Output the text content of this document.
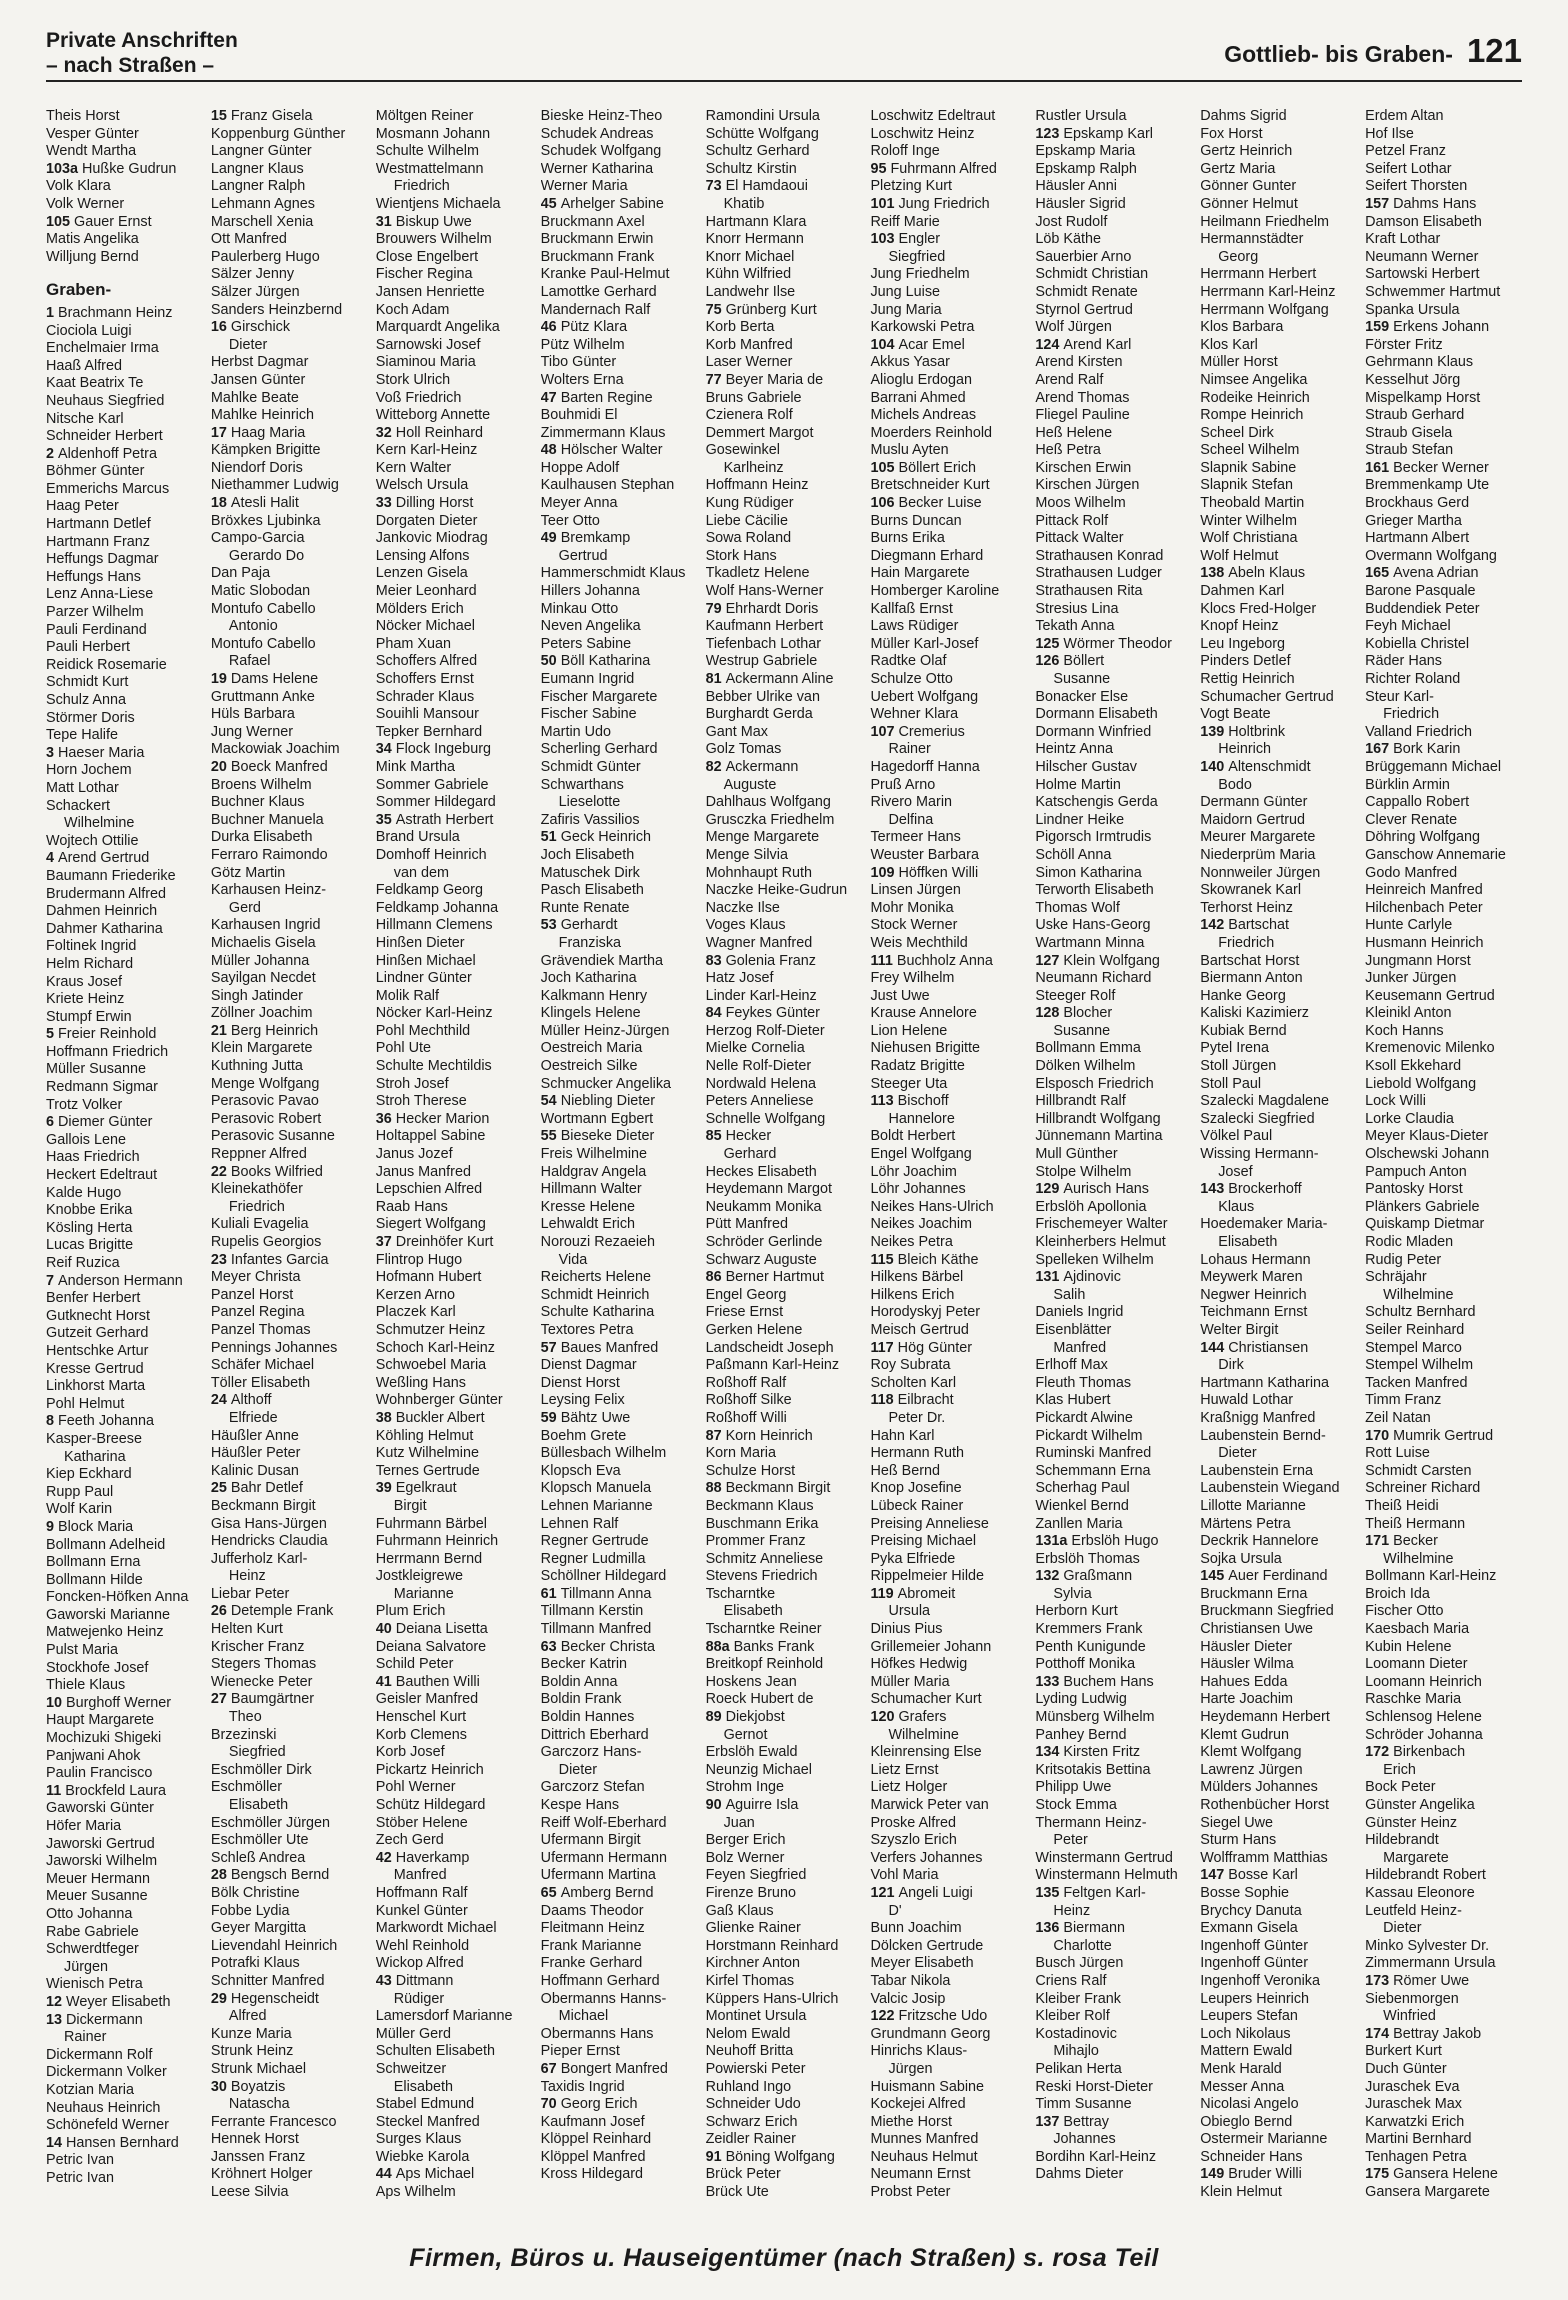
Private Anschriften
– nach Straßen –	Gottlieb- bis Graben- 121
Theis Horst
Vesper Günter
Wendt Martha
103a Hußke Gudrun
Volk Klara
Volk Werner
105 Gauer Ernst
Matis Angelika
Willjung Bernd
Graben-
1 Brachmann Heinz
Ciociola Luigi
Enchelmaier Irma
Haaß Alfred
Kaat Beatrix Te
Neuhaus Siegfried
Nitsche Karl
Schneider Herbert
2 Aldenhoff Petra
Böhmer Günter
Emmerichs Marcus
Haag Peter
Hartmann Detlef
Hartmann Franz
Heffungs Dagmar
Heffungs Hans
Lenz Anna-Liese
Parzer Wilhelm
Pauli Ferdinand
Pauli Herbert
Reidick Rosemarie
Schmidt Kurt
Schulz Anna
Störmer Doris
Tepe Halife
3 Haeser Maria
Horn Jochem
Matt Lothar
Schackert
Wilhelmine
Wojtech Ottilie
4 Arend Gertrud
Baumann Friederike
Brudermann Alfred
Dahmen Heinrich
Dahmer Katharina
Foltinek Ingrid
Helm Richard
Kraus Josef
Kriete Heinz
Stumpf Erwin
5 Freier Reinhold
Hoffmann Friedrich
Müller Susanne
Redmann Sigmar
Trotz Volker
6 Diemer Günter
Gallois Lene
Haas Friedrich
Heckert Edeltraut
Kalde Hugo
Knobbe Erika
Kösling Herta
Lucas Brigitte
Reif Ruzica
7 Anderson Hermann
Benfer Herbert
Gutknecht Horst
Gutzeit Gerhard
Hentschke Artur
Kresse Gertrud
Linkhorst Marta
Pohl Helmut
8 Feeth Johanna
Kasper-Breese
Katharina
Kiep Eckhard
Rupp Paul
Wolf Karin
9 Block Maria
Bollmann Adelheid
Bollmann Erna
Bollmann Hilde
Foncken-Höfken Anna
Gaworski Marianne
Matwejenko Heinz
Pulst Maria
Stockhofe Josef
Thiele Klaus
10 Burghoff Werner
Haupt Margarete
Mochizuki Shigeki
Panjwani Ahok
Paulin Francisco
11 Brockfeld Laura
Gaworski Günter
Höfer Maria
Jaworski Gertrud
Jaworski Wilhelm
Meuer Hermann
Meuer Susanne
Otto Johanna
Rabe Gabriele
Schwerdtfeger
Jürgen
Wienisch Petra
12 Weyer Elisabeth
13 Dickermann
Rainer
Dickermann Rolf
Dickermann Volker
Kotzian Maria
Neuhaus Heinrich
Schönefeld Werner
14 Hansen Bernhard
Petric Ivan
Petric Ivan
15 Franz Gisela
Koppenburg Günther
Langner Günter
Langner Klaus
Langner Ralph
Lehmann Agnes
Marschell Xenia
Ott Manfred
Paulerberg Hugo
Sälzer Jenny
Sälzer Jürgen
Sanders Heinzbernd
16 Girschick
Dieter
Herbst Dagmar
Jansen Günter
Mahlke Beate
Mahlke Heinrich
17 Haag Maria
Kämpken Brigitte
Niendorf Doris
Niethammer Ludwig
18 Atesli Halit
Bröxkes Ljubinka
Campo-Garcia
Gerardo Do
Dan Paja
Matic Slobodan
Montufo Cabello
Antonio
Montufo Cabello
Rafael
19 Dams Helene
Gruttmann Anke
Hüls Barbara
Jung Werner
Mackowiak Joachim
20 Boeck Manfred
Broens Wilhelm
Buchner Klaus
Buchner Manuela
Durka Elisabeth
Ferraro Raimondo
Götz Martin
Karhausen Heinz-
Gerd
Karhausen Ingrid
Michaelis Gisela
Müller Johanna
Sayilgan Necdet
Singh Jatinder
Zöllner Joachim
21 Berg Heinrich
Klein Margarete
Kuthning Jutta
Menge Wolfgang
Perasovic Pavao
Perasovic Robert
Perasovic Susanne
Reppner Alfred
22 Books Wilfried
Kleinekathöfer
Friedrich
Kuliali Evagelia
Rupelis Georgios
23 Infantes Garcia
Meyer Christa
Panzel Horst
Panzel Regina
Panzel Thomas
Pennings Johannes
Schäfer Michael
Töller Elisabeth
24 Althoff
Elfriede
Häußler Anne
Häußler Peter
Kalinic Dusan
25 Bahr Detlef
Beckmann Birgit
Gisa Hans-Jürgen
Hendricks Claudia
Jufferholz Karl-
Heinz
Liebar Peter
26 Detemple Frank
Helten Kurt
Krischer Franz
Stegers Thomas
Wienecke Peter
27 Baumgärtner
Theo
Brzezinski
Siegfried
Eschmöller Dirk
Eschmöller
Elisabeth
Eschmöller Jürgen
Eschmöller Ute
Schleß Andrea
28 Bengsch Bernd
Bölk Christine
Fobbe Lydia
Geyer Margitta
Lievendahl Heinrich
Potrafki Klaus
Schnitter Manfred
29 Hegenscheidt
Alfred
Kunze Maria
Strunk Heinz
Strunk Michael
30 Boyatzis
Natascha
Ferrante Francesco
Hennek Horst
Janssen Franz
Kröhnert Holger
Leese Silvia
Möltgen Reiner
Mosmann Johann
Schulte Wilhelm
Westmattelmann
Friedrich
Wientjens Michaela
31 Biskup Uwe
Brouwers Wilhelm
Close Engelbert
Fischer Regina
Jansen Henriette
Koch Adam
Marquardt Angelika
Sarnowski Josef
Siaminou Maria
Stork Ulrich
Voß Friedrich
Witteborg Annette
32 Holl Reinhard
Kern Karl-Heinz
Kern Walter
Welsch Ursula
33 Dilling Horst
Dorgaten Dieter
Jankovic Miodrag
Lensing Alfons
Lenzen Gisela
Meier Leonhard
Mölders Erich
Nöcker Michael
Pham Xuan
Schoffers Alfred
Schoffers Ernst
Schrader Klaus
Souihli Mansour
Tepker Bernhard
34 Flock Ingeburg
Mink Martha
Sommer Gabriele
Sommer Hildegard
35 Astrath Herbert
Brand Ursula
Domhoff Heinrich
van dem
Feldkamp Georg
Feldkamp Johanna
Hillmann Clemens
Hinßen Dieter
Hinßen Michael
Lindner Günter
Molik Ralf
Nöcker Karl-Heinz
Pohl Mechthild
Pohl Ute
Schulte Mechtildis
Stroh Josef
Stroh Therese
36 Hecker Marion
Holtappel Sabine
Janus Jozef
Janus Manfred
Lepschien Alfred
Raab Hans
Siegert Wolfgang
37 Dreinhöfer Kurt
Flintrop Hugo
Hofmann Hubert
Kerzen Arno
Placzek Karl
Schmutzer Heinz
Schoch Karl-Heinz
Schwoebel Maria
Weßling Hans
Wohnberger Günter
38 Buckler Albert
Köhling Helmut
Kutz Wilhelmine
Ternes Gertrude
39 Egelkraut
Birgit
Fuhrmann Bärbel
Fuhrmann Heinrich
Herrmann Bernd
Jostkleigrewe
Marianne
Plum Erich
40 Deiana Lisetta
Deiana Salvatore
Schild Peter
41 Bauthen Willi
Geisler Manfred
Henschel Kurt
Korb Clemens
Korb Josef
Pickartz Heinrich
Pohl Werner
Schütz Hildegard
Stöber Helene
Zech Gerd
42 Haverkamp
Manfred
Hoffmann Ralf
Kunkel Günter
Markwordt Michael
Wehl Reinhold
Wickop Alfred
43 Dittmann
Rüdiger
Lamersdorf Marianne
Müller Gerd
Schulten Elisabeth
Schweitzer
Elisabeth
Stabel Edmund
Steckel Manfred
Surges Klaus
Wiebke Karola
44 Aps Michael
Aps Wilhelm
Bieske Heinz-Theo
Schudek Andreas
Schudek Wolfgang
Werner Katharina
Werner Maria
45 Arhelger Sabine
Bruckmann Axel
Bruckmann Erwin
Bruckmann Frank
Kranke Paul-Helmut
Lamottke Gerhard
Mandernach Ralf
46 Pütz Klara
Pütz Wilhelm
Tibo Günter
Wolters Erna
47 Barten Regine
Bouhmidi El
Zimmermann Klaus
48 Hölscher Walter
Hoppe Adolf
Kaulhausen Stephan
Meyer Anna
Teer Otto
49 Bremkamp
Gertrud
Hammerschmidt Klaus
Hillers Johanna
Minkau Otto
Neven Angelika
Peters Sabine
50 Böll Katharina
Eumann Ingrid
Fischer Margarete
Fischer Sabine
Martin Udo
Scherling Gerhard
Schmidt Günter
Schwarthans
Lieselotte
Zafiris Vassilios
51 Geck Heinrich
Joch Elisabeth
Matuschek Dirk
Pasch Elisabeth
Runte Renate
53 Gerhardt
Franziska
Grävendiek Martha
Joch Katharina
Kalkmann Henry
Klingels Helene
Müller Heinz-Jürgen
Oestreich Maria
Oestreich Silke
Schmucker Angelika
54 Niebling Dieter
Wortmann Egbert
55 Bieseke Dieter
Freis Wilhelmine
Haldgrav Angela
Hillmann Walter
Kresse Helene
Lehwaldt Erich
Norouzi Rezaeieh
Vida
Reicherts Helene
Schmidt Heinrich
Schulte Katharina
Textores Petra
57 Baues Manfred
Dienst Dagmar
Dienst Horst
Leysing Felix
59 Bähtz Uwe
Boehm Grete
Büllesbach Wilhelm
Klopsch Eva
Klopsch Manuela
Lehnen Marianne
Lehnen Ralf
Regner Gertrude
Regner Ludmilla
Schöllner Hildegard
61 Tillmann Anna
Tillmann Kerstin
Tillmann Manfred
63 Becker Christa
Becker Katrin
Boldin Anna
Boldin Frank
Boldin Hannes
Dittrich Eberhard
Garczorz Hans-
Dieter
Garczorz Stefan
Kespe Hans
Reiff Wolf-Eberhard
Ufermann Birgit
Ufermann Hermann
Ufermann Martina
65 Amberg Bernd
Daams Theodor
Fleitmann Heinz
Frank Marianne
Franke Gerhard
Hoffmann Gerhard
Obermanns Hanns-
Michael
Obermanns Hans
Pieper Ernst
67 Bongert Manfred
Taxidis Ingrid
70 Georg Erich
Kaufmann Josef
Klöppel Reinhard
Klöppel Manfred
Kross Hildegard
Ramondini Ursula
Schütte Wolfgang
Schultz Gerhard
Schultz Kirstin
73 El Hamdaoui
Khatib
Hartmann Klara
Knorr Hermann
Knorr Michael
Kühn Wilfried
Landwehr Ilse
75 Grünberg Kurt
Korb Berta
Korb Manfred
Laser Werner
77 Beyer Maria de
Bruns Gabriele
Czienera Rolf
Demmert Margot
Gosewinkel
Karlheinz
Hoffmann Heinz
Kung Rüdiger
Liebe Cäcilie
Sowa Roland
Stork Hans
Tkadletz Helene
Wolf Hans-Werner
79 Ehrhardt Doris
Kaufmann Herbert
Tiefenbach Lothar
Westrup Gabriele
81 Ackermann Aline
Bebber Ulrike van
Burghardt Gerda
Gant Max
Golz Tomas
82 Ackermann
Auguste
Dahlhaus Wolfgang
Grusczka Friedhelm
Menge Margarete
Menge Silvia
Mohnhaupt Ruth
Naczke Heike-Gudrun
Naczke Ilse
Voges Klaus
Wagner Manfred
83 Golenia Franz
Hatz Josef
Linder Karl-Heinz
84 Feykes Günter
Herzog Rolf-Dieter
Mielke Cornelia
Nelle Rolf-Dieter
Nordwald Helena
Peters Anneliese
Schnelle Wolfgang
85 Hecker
Gerhard
Heckes Elisabeth
Heydemann Margot
Neukamm Monika
Pütt Manfred
Schröder Gerlinde
Schwarz Auguste
86 Berner Hartmut
Engel Georg
Friese Ernst
Gerken Helene
Landscheidt Joseph
Paßmann Karl-Heinz
Roßhoff Ralf
Roßhoff Silke
Roßhoff Willi
87 Korn Heinrich
Korn Maria
Schulze Horst
88 Beckmann Birgit
Beckmann Klaus
Buschmann Erika
Prommer Franz
Schmitz Anneliese
Stevens Friedrich
Tscharntke
Elisabeth
Tscharntke Reiner
88a Banks Frank
Breitkopf Reinhold
Hoskens Jean
Roeck Hubert de
89 Diekjobst
Gernot
Erbslöh Ewald
Neunzig Michael
Strohm Inge
90 Aguirre Isla
Juan
Berger Erich
Bolz Werner
Feyen Siegfried
Firenze Bruno
Gaß Klaus
Glienke Rainer
Horstmann Reinhard
Kirchner Anton
Kirfel Thomas
Küppers Hans-Ulrich
Montinet Ursula
Nelom Ewald
Neuhoff Britta
Powierski Peter
Ruhland Ingo
Schneider Udo
Schwarz Erich
Zeidler Rainer
91 Böning Wolfgang
Brück Peter
Brück Ute
Loschwitz Edeltraut
Loschwitz Heinz
Roloff Inge
95 Fuhrmann Alfred
Pletzing Kurt
101 Jung Friedrich
Reiff Marie
103 Engler
Siegfried
Jung Friedhelm
Jung Luise
Jung Maria
Karkowski Petra
104 Acar Emel
Akkus Yasar
Alioglu Erdogan
Barrani Ahmed
Michels Andreas
Moerders Reinhold
Muslu Ayten
105 Böllert Erich
Bretschneider Kurt
106 Becker Luise
Burns Duncan
Burns Erika
Diegmann Erhard
Hain Margarete
Homberger Karoline
Kallfaß Ernst
Laws Rüdiger
Müller Karl-Josef
Radtke Olaf
Schulze Otto
Uebert Wolfgang
Wehner Klara
107 Cremerius
Rainer
Hagedorff Hanna
Pruß Arno
Rivero Marin
Delfina
Termeer Hans
Weuster Barbara
109 Höffken Willi
Linsen Jürgen
Mohr Monika
Stock Werner
Weis Mechthild
111 Buchholz Anna
Frey Wilhelm
Just Uwe
Krause Annelore
Lion Helene
Niehusen Brigitte
Radatz Brigitte
Steeger Uta
113 Bischoff
Hannelore
Boldt Herbert
Engel Wolfgang
Löhr Joachim
Löhr Johannes
Neikes Hans-Ulrich
Neikes Joachim
Neikes Petra
115 Bleich Käthe
Hilkens Bärbel
Hilkens Erich
Horodyskyj Peter
Meisch Gertrud
117 Hög Günter
Roy Subrata
Scholten Karl
118 Eilbracht
Peter Dr.
Hahn Karl
Hermann Ruth
Heß Bernd
Knop Josefine
Lübeck Rainer
Preising Anneliese
Preising Michael
Pyka Elfriede
Rippelmeier Hilde
119 Abromeit
Ursula
Dinius Pius
Grillemeier Johann
Höfkes Hedwig
Müller Maria
Schumacher Kurt
120 Grafers
Wilhelmine
Kleinrensing Else
Lietz Ernst
Lietz Holger
Marwick Peter van
Proske Alfred
Szyszlo Erich
Verfers Johannes
Vohl Maria
121 Angeli Luigi
D'
Bunn Joachim
Dölcken Gertrude
Meyer Elisabeth
Tabar Nikola
Valcic Josip
122 Fritzsche Udo
Grundmann Georg
Hinrichs Klaus-
Jürgen
Huismann Sabine
Kockejei Alfred
Miethe Horst
Munnes Manfred
Neuhaus Helmut
Neumann Ernst
Probst Peter
Rustler Ursula
123 Epskamp Karl
Epskamp Maria
Epskamp Ralph
Häusler Anni
Häusler Sigrid
Jost Rudolf
Löb Käthe
Sauerbier Arno
Schmidt Christian
Schmidt Renate
Styrnol Gertrud
Wolf Jürgen
124 Arend Karl
Arend Kirsten
Arend Ralf
Arend Thomas
Fliegel Pauline
Heß Helene
Heß Petra
Kirschen Erwin
Kirschen Jürgen
Moos Wilhelm
Pittack Rolf
Pittack Walter
Strathausen Konrad
Strathausen Ludger
Strathausen Rita
Stresius Lina
Tekath Anna
125 Wörmer Theodor
126 Böllert
Susanne
Bonacker Else
Dormann Elisabeth
Dormann Winfried
Heintz Anna
Hilscher Gustav
Holme Martin
Katschengis Gerda
Lindner Heike
Pigorsch Irmtrudis
Schöll Anna
Simon Katharina
Terworth Elisabeth
Thomas Wolf
Uske Hans-Georg
Wartmann Minna
127 Klein Wolfgang
Neumann Richard
Steeger Rolf
128 Blocher
Susanne
Bollmann Emma
Dölken Wilhelm
Elsposch Friedrich
Hillbrandt Ralf
Hillbrandt Wolfgang
Jünnemann Martina
Mull Günther
Stolpe Wilhelm
129 Aurisch Hans
Erbslöh Apollonia
Frischemeyer Walter
Kleinherbers Helmut
Spelleken Wilhelm
131 Ajdinovic
Salih
Daniels Ingrid
Eisenblätter
Manfred
Erlhoff Max
Fleuth Thomas
Klas Hubert
Pickardt Alwine
Pickardt Wilhelm
Ruminski Manfred
Schemmann Erna
Scherhag Paul
Wienkel Bernd
Zanllen Maria
131a Erbslöh Hugo
Erbslöh Thomas
132 Graßmann
Sylvia
Herborn Kurt
Kremmers Frank
Penth Kunigunde
Potthoff Monika
133 Buchem Hans
Lyding Ludwig
Münsberg Wilhelm
Panhey Bernd
134 Kirsten Fritz
Kritsotakis Bettina
Philipp Uwe
Stock Emma
Thermann Heinz-
Peter
Winstermann Gertrud
Winstermann Helmuth
135 Feltgen Karl-
Heinz
136 Biermann
Charlotte
Busch Jürgen
Criens Ralf
Kleiber Frank
Kleiber Rolf
Kostadinovic
Mihajlo
Pelikan Herta
Reski Horst-Dieter
Timm Susanne
137 Bettray
Johannes
Bordihn Karl-Heinz
Dahms Dieter
Dahms Sigrid
Fox Horst
Gertz Heinrich
Gertz Maria
Gönner Gunter
Gönner Helmut
Heilmann Friedhelm
Hermannstädter
Georg
Herrmann Herbert
Herrmann Karl-Heinz
Herrmann Wolfgang
Klos Barbara
Klos Karl
Müller Horst
Nimsee Angelika
Rodeike Heinrich
Rompe Heinrich
Scheel Dirk
Scheel Wilhelm
Slapnik Sabine
Slapnik Stefan
Theobald Martin
Winter Wilhelm
Wolf Christiana
Wolf Helmut
138 Abeln Klaus
Dahmen Karl
Klocs Fred-Holger
Knopf Heinz
Leu Ingeborg
Pinders Detlef
Rettig Heinrich
Schumacher Gertrud
Vogt Beate
139 Holtbrink
Heinrich
140 Altenschmidt
Bodo
Dermann Günter
Maidorn Gertrud
Meurer Margarete
Niederprüm Maria
Nonnweiler Jürgen
Skowranek Karl
Terhorst Heinz
142 Bartschat
Friedrich
Bartschat Horst
Biermann Anton
Hanke Georg
Kaliski Kazimierz
Kubiak Bernd
Pytel Irena
Stoll Jürgen
Stoll Paul
Szalecki Magdalene
Szalecki Siegfried
Völkel Paul
Wissing Hermann-
Josef
143 Brockerhoff
Klaus
Hoedemaker Maria-
Elisabeth
Lohaus Hermann
Meywerk Maren
Negwer Heinrich
Teichmann Ernst
Welter Birgit
144 Christiansen
Dirk
Hartmann Katharina
Huwald Lothar
Kraßnigg Manfred
Laubenstein Bernd-
Dieter
Laubenstein Erna
Laubenstein Wiegand
Lillotte Marianne
Märtens Petra
Deckrik Hannelore
Sojka Ursula
145 Auer Ferdinand
Bruckmann Erna
Bruckmann Siegfried
Christiansen Uwe
Häusler Dieter
Häusler Wilma
Hahues Edda
Harte Joachim
Heydemann Herbert
Klemt Gudrun
Klemt Wolfgang
Lawrenz Jürgen
Mülders Johannes
Rothenbücher Horst
Siegel Uwe
Sturm Hans
Wolfframm Matthias
147 Bosse Karl
Bosse Sophie
Brychcy Danuta
Exmann Gisela
Ingenhoff Günter
Ingenhoff Günter
Ingenhoff Veronika
Leupers Heinrich
Leupers Stefan
Loch Nikolaus
Mattern Ewald
Menk Harald
Messer Anna
Nicolasi Angelo
Obieglo Bernd
Ostermeir Marianne
Schneider Hans
149 Bruder Willi
Klein Helmut
Erdem Altan
Hof Ilse
Petzel Franz
Seifert Lothar
Seifert Thorsten
157 Dahms Hans
Damson Elisabeth
Kraft Lothar
Neumann Werner
Sartowski Herbert
Schwemmer Hartmut
Spanka Ursula
159 Erkens Johann
Förster Fritz
Gehrmann Klaus
Kesselhut Jörg
Mispelkamp Horst
Straub Gerhard
Straub Gisela
Straub Stefan
161 Becker Werner
Bremmenkamp Ute
Brockhaus Gerd
Grieger Martha
Hartmann Albert
Overmann Wolfgang
165 Avena Adrian
Barone Pasquale
Buddendiek Peter
Feyh Michael
Kobiella Christel
Räder Hans
Richter Roland
Steur Karl-
Friedrich
Valland Friedrich
167 Bork Karin
Brüggemann Michael
Bürklin Armin
Cappallo Robert
Clever Renate
Döhring Wolfgang
Ganschow Annemarie
Godo Manfred
Heinreich Manfred
Hilchenbach Peter
Hunte Carlyle
Husmann Heinrich
Jungmann Horst
Junker Jürgen
Keusemann Gertrud
Kleinikl Anton
Koch Hanns
Kremenovic Milenko
Ksoll Ekkehard
Liebold Wolfgang
Lock Willi
Lorke Claudia
Meyer Klaus-Dieter
Olschewski Johann
Pampuch Anton
Pantosky Horst
Plänkers Gabriele
Quiskamp Dietmar
Rodic Mladen
Rudig Peter
Schräjahr
Wilhelmine
Schultz Bernhard
Seiler Reinhard
Stempel Marco
Stempel Wilhelm
Tacken Manfred
Timm Franz
Zeil Natan
170 Mumrik Gertrud
Rott Luise
Schmidt Carsten
Schreiner Richard
Theiß Heidi
Theiß Hermann
171 Becker
Wilhelmine
Bollmann Karl-Heinz
Broich Ida
Fischer Otto
Kaesbach Maria
Kubin Helene
Loomann Dieter
Loomann Heinrich
Raschke Maria
Schlensog Helene
Schröder Johanna
172 Birkenbach
Erich
Bock Peter
Günster Angelika
Günster Heinz
Hildebrandt
Margarete
Hildebrandt Robert
Kassau Eleonore
Leutfeld Heinz-
Dieter
Minko Sylvester Dr.
Zimmermann Ursula
173 Römer Uwe
Siebenmorgen
Winfried
174 Bettray Jakob
Burkert Kurt
Duch Günter
Juraschek Eva
Juraschek Max
Karwatzki Erich
Martini Bernhard
Tenhagen Petra
175 Gansera Helene
Gansera Margarete
Firmen, Büros u. Hauseigentümer (nach Straßen) s. rosa Teil
